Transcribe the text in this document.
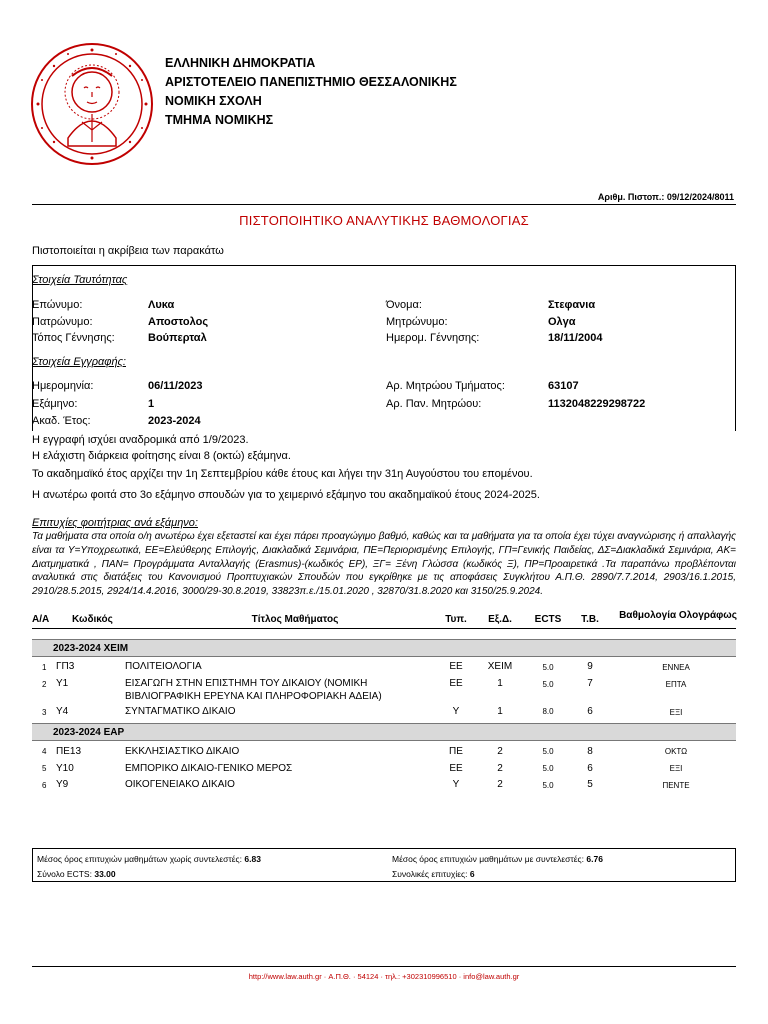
ΕΛΛΗΝΙΚΗ ΔΗΜΟΚΡΑΤΙΑ
ΑΡΙΣΤΟΤΕΛΕΙΟ ΠΑΝΕΠΙΣΤΗΜΙΟ ΘΕΣΣΑΛΟΝΙΚΗΣ
ΝΟΜΙΚΗ ΣΧΟΛΗ
ΤΜΗΜΑ ΝΟΜΙΚΗΣ
Αριθμ. Πιστοπ.: 09/12/2024/8011
ΠΙΣΤΟΠΟΙΗΤΙΚΟ ΑΝΑΛΥΤΙΚΗΣ ΒΑΘΜΟΛΟΓΙΑΣ
Πιστοποιείται η ακρίβεια των παρακάτω
Στοιχεία Ταυτότητας
Επώνυμο:	Λυκα	Όνομα:	Στεφανια
Πατρώνυμο:	Αποστολος	Μητρώνυμο:	Ολγα
Τόπος Γέννησης:	Βούπερταλ	Ημερομ. Γέννησης:	18/11/2004
Στοιχεία Εγγραφής:
Ημερομηνία:	06/11/2023	Αρ. Μητρώου Τμήματος:	63107
Εξάμηνο:	1	Αρ. Παν. Μητρώου:	1132048229298722
Ακαδ. Έτος:	2023-2024
Η εγγραφή ισχύει αναδρομικά από 1/9/2023.
Η ελάχιστη διάρκεια φοίτησης είναι 8 (οκτώ) εξάμηνα.
Το ακαδημαϊκό έτος αρχίζει την 1η Σεπτεμβρίου κάθε έτους και λήγει την 31η Αυγούστου του επομένου.
Η ανωτέρω φοιτά στο 3ο εξάμηνο σπουδών για το χειμερινό εξάμηνο του ακαδημαϊκού έτους 2024-2025.
Επιτυχίες φοιτήτριας ανά εξάμηνο:
Τα μαθήματα στα οποία ο/η ανωτέρω έχει εξεταστεί και έχει πάρει προαγώγιμο βαθμό, καθώς και τα μαθήματα για τα οποία έχει τύχει αναγνώρισης ή απαλλαγής είναι τα Υ=Υποχρεωτικά, ΕΕ=Ελεύθερης Επιλογής, Διακλαδικά Σεμινάρια, ΠΕ=Περιορισμένης Επιλογής, ΓΠ=Γενικής Παιδείας, ΔΣ=Διακλαδικά Σεμινάρια, ΑΚ= Διατμηματικά , ΠΑΝ= Προγράμματα Ανταλλαγής (Erasmus)-(κωδικός ΕΡ), ΞΓ= Ξένη Γλώσσα (κωδικός Ξ), ΠΡ=Προαιρετικά .Τα παραπάνω προβλέπονται αναλυτικά στις διατάξεις του Κανονισμού Προπτυχιακών Σπουδών που εγκρίθηκε με τις αποφάσεις Συγκλήτου Α.Π.Θ. 2890/7.7.2014, 2903/16.1.2015, 2910/28.5.2015, 2924/14.4.2016, 3000/29-30.8.2019, 33823π.ε./15.01.2020 , 32870/31.8.2020 και 3150/25.9.2024.
Α/Α Κωδικός	Τίτλος Μαθήματος	Τυπ.	Εξ.Δ.	ECTS	Τ.Β.	Βαθμολογία Ολογράφως
2023-2024 ΧΕΙΜ
1 ΓΠ3	ΠΟΛΙΤΕΙΟΛΟΓΙΑ	ΕΕ	ΧΕΙΜ	5.0	9	ΕΝΝΕΑ
2 Υ1	ΕΙΣΑΓΩΓΗ ΣΤΗΝ ΕΠΙΣΤΗΜΗ ΤΟΥ ΔΙΚΑΙΟΥ (ΝΟΜΙΚΗ
ΒΙΒΛΙΟΓΡΑΦΙΚΗ ΕΡΕΥΝΑ ΚΑΙ ΠΛΗΡΟΦΟΡΙΑΚΗ ΑΔΕΙΑ)
ΕΕ	1	5.0	7	ΕΠΤΑ
3 Υ4	ΣΥΝΤΑΓΜΑΤΙΚΟ ΔΙΚΑΙΟ	Υ	1	8.0	6	ΕΞΙ
2023-2024 ΕΑΡ
4 ΠΕ13	ΕΚΚΛΗΣΙΑΣΤΙΚΟ ΔΙΚΑΙΟ	ΠΕ	2	5.0	8	ΟΚΤΩ
5 Υ10	ΕΜΠΟΡΙΚΟ ΔΙΚΑΙΟ-ΓΕΝΙΚΟ ΜΕΡΟΣ	ΕΕ	2	5.0	6	ΕΞΙ
6 Υ9	ΟΙΚΟΓΕΝΕΙΑΚΟ ΔΙΚΑΙΟ	Υ	2	5.0	5	ΠΕΝΤΕ
Μέσος όρος επιτυχιών μαθημάτων χωρίς συντελεστές: 6.83	Μέσος όρος επιτυχιών μαθημάτων με συντελεστές: 6.76
Σύνολο ECTS: 33.00	Συνολικές επιτυχίες: 6
http://www.law.auth.gr · Α.Π.Θ. · 54124 · τηλ.: +302310996510 · info@law.auth.gr
